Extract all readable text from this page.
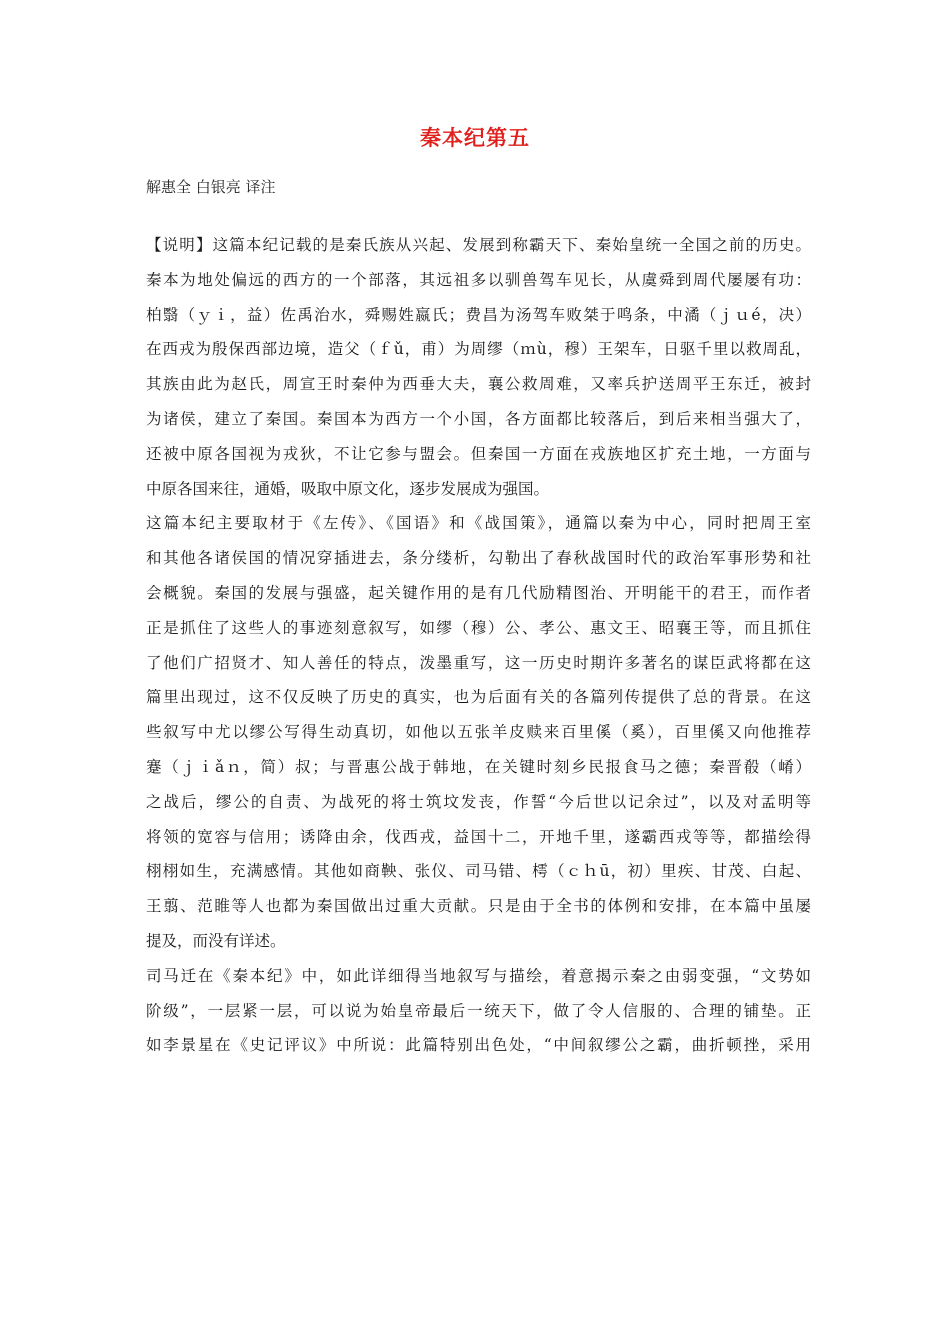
秦本纪第五
解惠全 白银亮 译注
【说明】这篇本纪记载的是秦氏族从兴起、发展到称霸天下、秦始皇统一全国之前的历史。
秦本为地处偏远的西方的一个部落，其远祖多以驯兽驾车见长，从虞舜到周代屡屡有功：
柏翳（ｙｉ，益）佐禹治水，舜赐姓嬴氏；费昌为汤驾车败桀于鸣条，中潏（ｊｕé，决）
在西戎为殷保西部边境，造父（ｆǔ，甫）为周缪（ｍù，穆）王架车，日驱千里以救周乱，
其族由此为赵氏，周宣王时秦仲为西垂大夫，襄公救周难，又率兵护送周平王东迁，被封
为诸侯，建立了秦国。秦国本为西方一个小国，各方面都比较落后，到后来相当强大了，
还被中原各国视为戎狄，不让它参与盟会。但秦国一方面在戎族地区扩充土地，一方面与
中原各国来往，通婚，吸取中原文化，逐步发展成为强国。
这篇本纪主要取材于《左传》、《国语》和《战国策》，通篇以秦为中心，同时把周王室
和其他各诸侯国的情况穿插进去，条分缕析，勾勒出了春秋战国时代的政治军事形势和社
会概貌。秦国的发展与强盛，起关键作用的是有几代励精图治、开明能干的君王，而作者
正是抓住了这些人的事迹刻意叙写，如缪（穆）公、孝公、惠文王、昭襄王等，而且抓住
了他们广招贤才、知人善任的特点，泼墨重写，这一历史时期许多著名的谋臣武将都在这
篇里出现过，这不仅反映了历史的真实，也为后面有关的各篇列传提供了总的背景。在这
些叙写中尤以缪公写得生动真切，如他以五张羊皮赎来百里傒（奚），百里傒又向他推荐
蹇（ｊｉǎｎ，简）叔；与晋惠公战于韩地，在关键时刻乡民报食马之德；秦晋殽（崤）
之战后，缪公的自责、为战死的将士筑坟发丧，作誓“今后世以记余过”，以及对孟明等
将领的宽容与信用；诱降由余，伐西戎，益国十二，开地千里，遂霸西戎等等，都描绘得
栩栩如生，充满感情。其他如商鞅、张仪、司马错、樗（ｃｈū，初）里疾、甘茂、白起、
王翦、范睢等人也都为秦国做出过重大贡献。只是由于全书的体例和安排，在本篇中虽屡
提及，而没有详述。
司马迁在《秦本纪》中，如此详细得当地叙写与描绘，着意揭示秦之由弱变强，“文势如
阶级”，一层紧一层，可以说为始皇帝最后一统天下，做了令人信服的、合理的铺垫。正
如李景星在《史记评议》中所说：此篇特别出色处，“中间叙缪公之霸，曲折顿挫，采用
